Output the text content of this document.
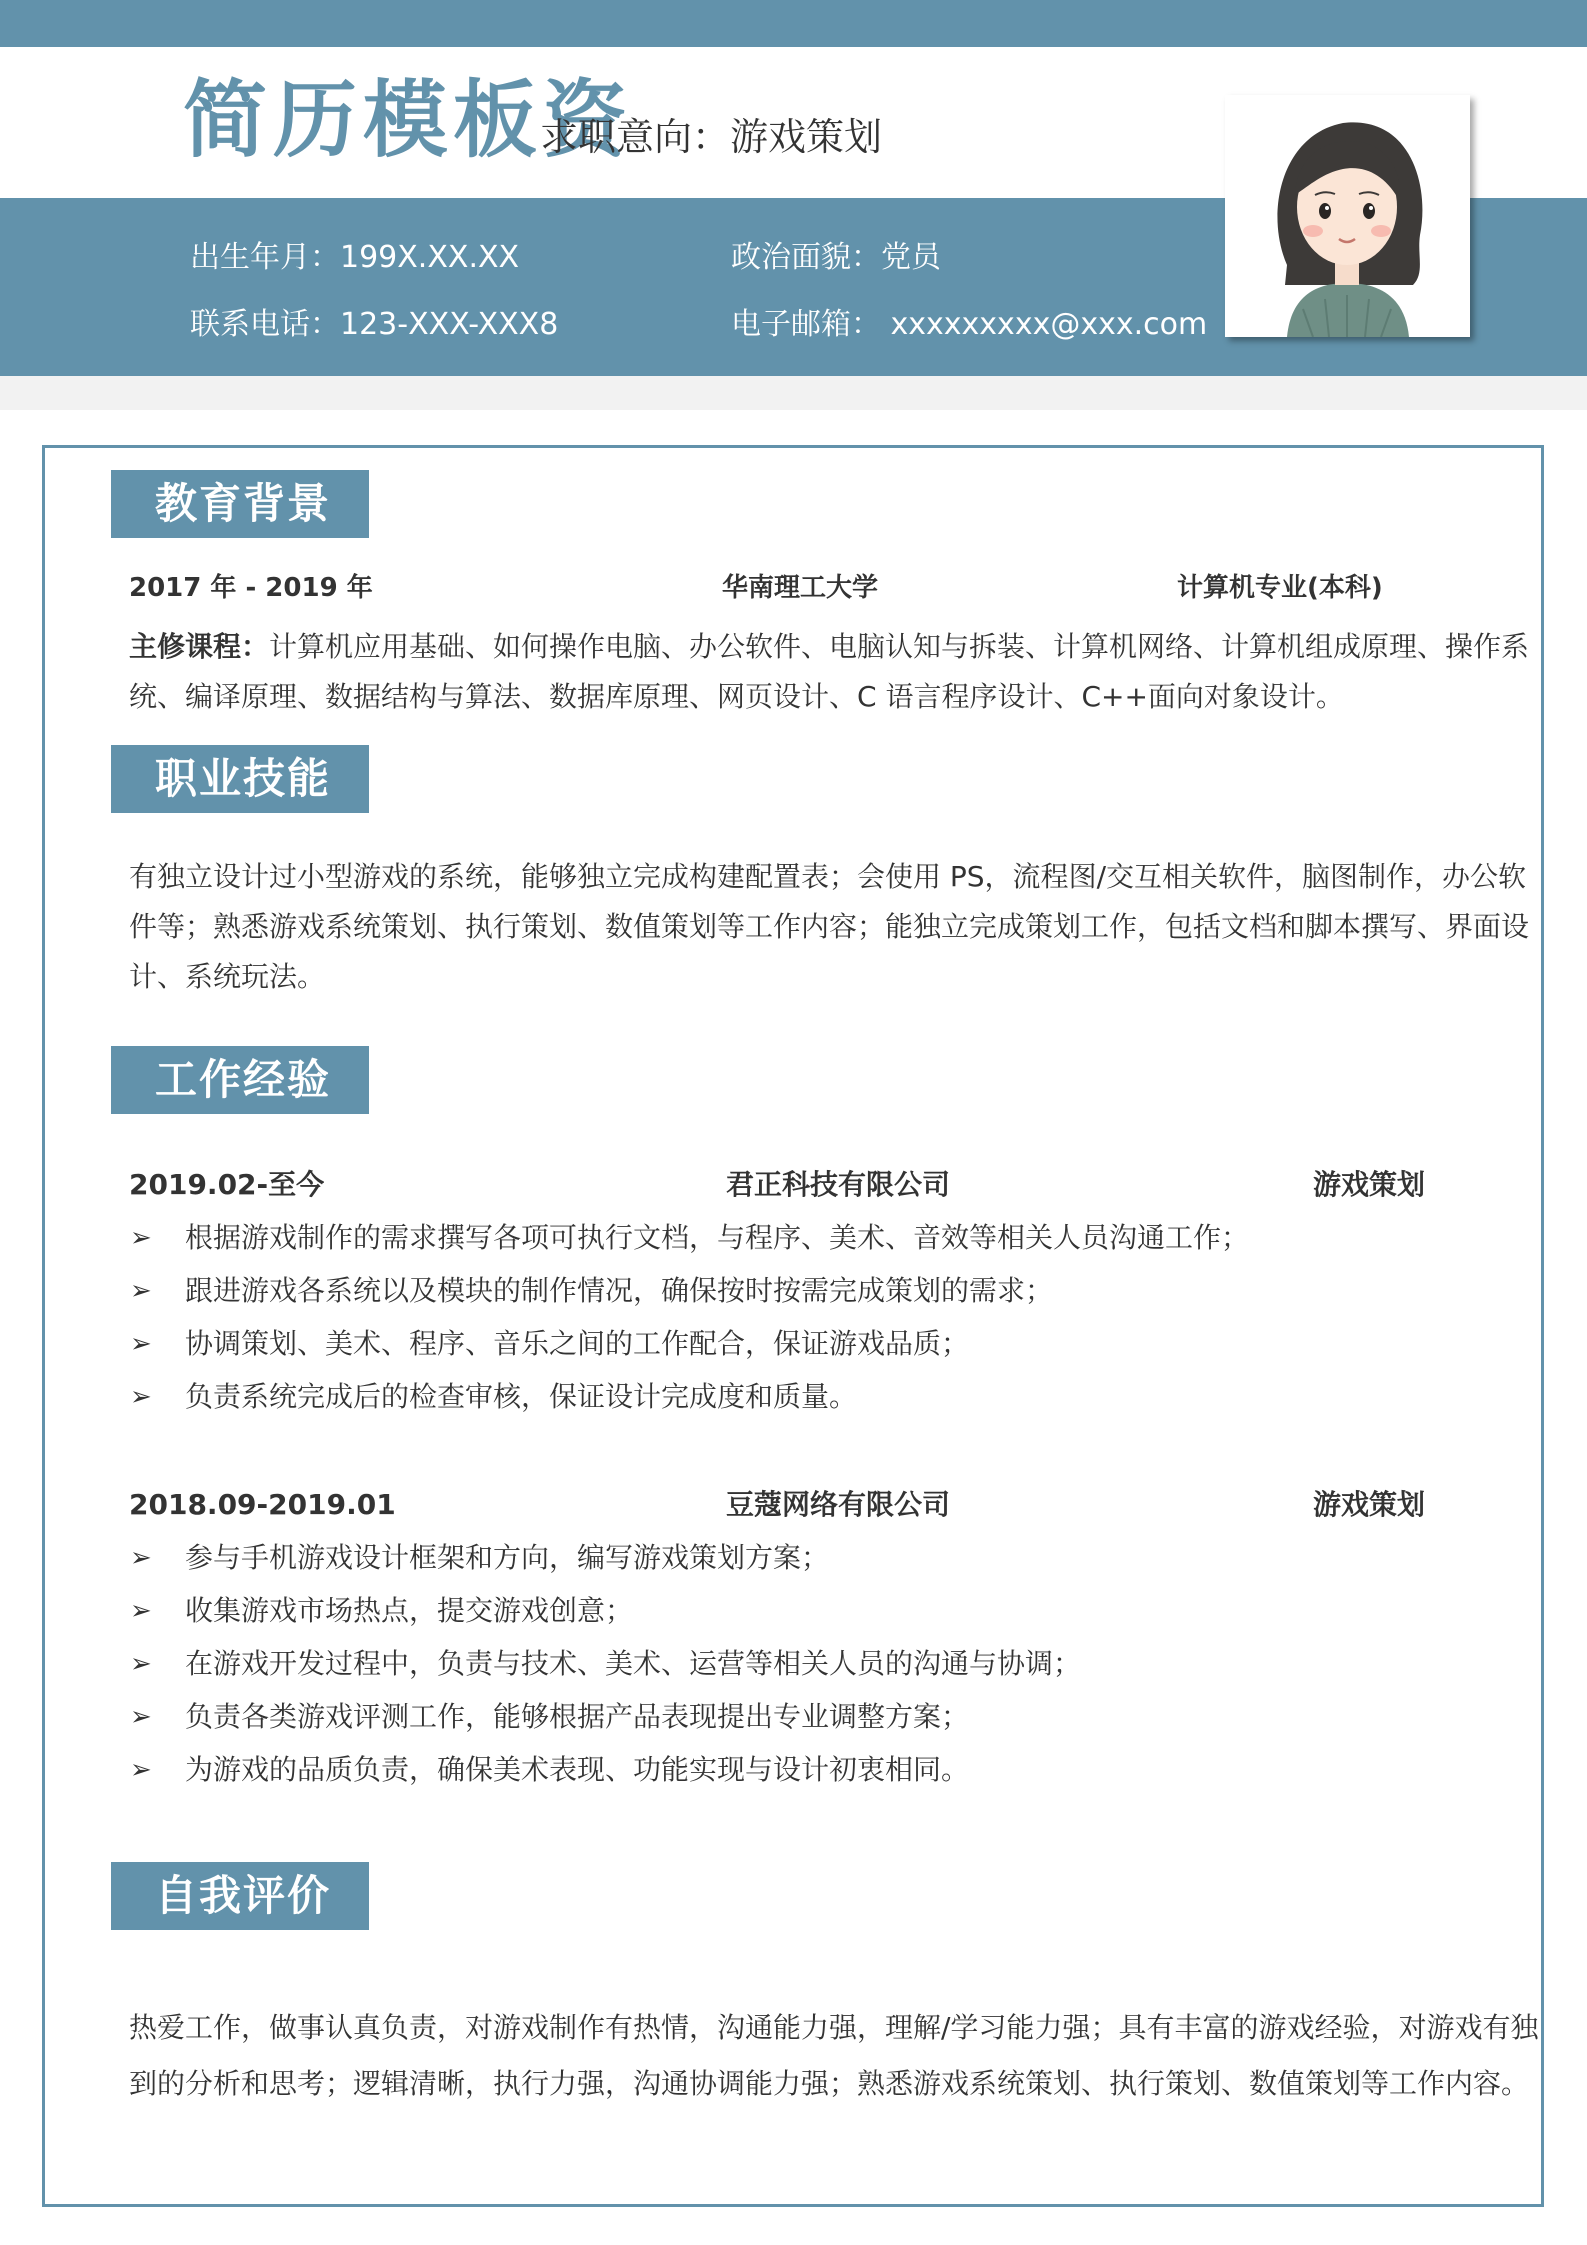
简历模板资
求职意向：游戏策划
出生年月：199X.XX.XX	政治面貌：党员
联系电话：123-XXX-XXX8	电子邮箱： xxxxxxxxx@xxx.com
教育背景
2017 年 - 2019 年	华南理工大学	计算机专业(本科)
主修课程：计算机应用基础、如何操作电脑、办公软件、电脑认知与拆装、计算机网络、计算机组成原理、操作系
统、编译原理、数据结构与算法、数据库原理、网页设计、C 语言程序设计、C++面向对象设计。
职业技能
有独立设计过小型游戏的系统，能够独立完成构建配置表；会使用 PS，流程图/交互相关软件，脑图制作，办公软
件等；熟悉游戏系统策划、执行策划、数值策划等工作内容；能独立完成策划工作，包括文档和脚本撰写、界面设
计、系统玩法。
工作经验
2019.02-至今	君正科技有限公司	游戏策划
➢ 根据游戏制作的需求撰写各项可执行文档，与程序、美术、音效等相关人员沟通工作；
➢ 跟进游戏各系统以及模块的制作情况，确保按时按需完成策划的需求；
➢ 协调策划、美术、程序、音乐之间的工作配合，保证游戏品质；
➢ 负责系统完成后的检查审核，保证设计完成度和质量。
2018.09-2019.01	豆蔻网络有限公司	游戏策划
➢ 参与手机游戏设计框架和方向，编写游戏策划方案；
➢ 收集游戏市场热点，提交游戏创意；
➢ 在游戏开发过程中，负责与技术、美术、运营等相关人员的沟通与协调；
➢ 负责各类游戏评测工作，能够根据产品表现提出专业调整方案；
➢ 为游戏的品质负责，确保美术表现、功能实现与设计初衷相同。
自我评价
热爱工作，做事认真负责，对游戏制作有热情，沟通能力强，理解/学习能力强；具有丰富的游戏经验，对游戏有独
到的分析和思考；逻辑清晰，执行力强，沟通协调能力强；熟悉游戏系统策划、执行策划、数值策划等工作内容。
